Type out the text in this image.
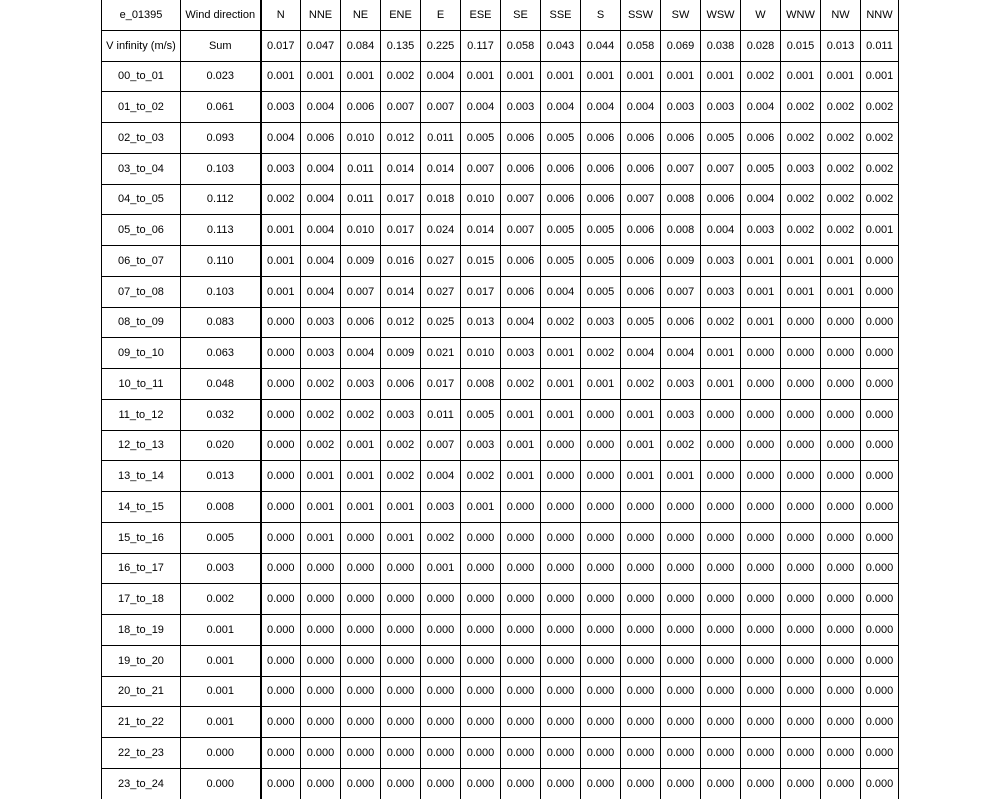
e_01395	Wind direction	N	NNE	NE	ENE	E	ESE	SE	SSE	S	SSW	SW	WSW	W	WNW	NW	NNW
V infinity (m/s)	Sum	0.017	0.047	0.084	0.135	0.225	0.117	0.058	0.043	0.044	0.058	0.069	0.038	0.028	0.015	0.013	0.011
00_to_01	0.023	0.001	0.001	0.001	0.002	0.004	0.001	0.001	0.001	0.001	0.001	0.001	0.001	0.002	0.001	0.001	0.001
01_to_02	0.061	0.003	0.004	0.006	0.007	0.007	0.004	0.003	0.004	0.004	0.004	0.003	0.003	0.004	0.002	0.002	0.002
02_to_03	0.093	0.004	0.006	0.010	0.012	0.011	0.005	0.006	0.005	0.006	0.006	0.006	0.005	0.006	0.002	0.002	0.002
03_to_04	0.103	0.003	0.004	0.011	0.014	0.014	0.007	0.006	0.006	0.006	0.006	0.007	0.007	0.005	0.003	0.002	0.002
04_to_05	0.112	0.002	0.004	0.011	0.017	0.018	0.010	0.007	0.006	0.006	0.007	0.008	0.006	0.004	0.002	0.002	0.002
05_to_06	0.113	0.001	0.004	0.010	0.017	0.024	0.014	0.007	0.005	0.005	0.006	0.008	0.004	0.003	0.002	0.002	0.001
06_to_07	0.110	0.001	0.004	0.009	0.016	0.027	0.015	0.006	0.005	0.005	0.006	0.009	0.003	0.001	0.001	0.001	0.000
07_to_08	0.103	0.001	0.004	0.007	0.014	0.027	0.017	0.006	0.004	0.005	0.006	0.007	0.003	0.001	0.001	0.001	0.000
08_to_09	0.083	0.000	0.003	0.006	0.012	0.025	0.013	0.004	0.002	0.003	0.005	0.006	0.002	0.001	0.000	0.000	0.000
09_to_10	0.063	0.000	0.003	0.004	0.009	0.021	0.010	0.003	0.001	0.002	0.004	0.004	0.001	0.000	0.000	0.000	0.000
10_to_11	0.048	0.000	0.002	0.003	0.006	0.017	0.008	0.002	0.001	0.001	0.002	0.003	0.001	0.000	0.000	0.000	0.000
11_to_12	0.032	0.000	0.002	0.002	0.003	0.011	0.005	0.001	0.001	0.000	0.001	0.003	0.000	0.000	0.000	0.000	0.000
12_to_13	0.020	0.000	0.002	0.001	0.002	0.007	0.003	0.001	0.000	0.000	0.001	0.002	0.000	0.000	0.000	0.000	0.000
13_to_14	0.013	0.000	0.001	0.001	0.002	0.004	0.002	0.001	0.000	0.000	0.001	0.001	0.000	0.000	0.000	0.000	0.000
14_to_15	0.008	0.000	0.001	0.001	0.001	0.003	0.001	0.000	0.000	0.000	0.000	0.000	0.000	0.000	0.000	0.000	0.000
15_to_16	0.005	0.000	0.001	0.000	0.001	0.002	0.000	0.000	0.000	0.000	0.000	0.000	0.000	0.000	0.000	0.000	0.000
16_to_17	0.003	0.000	0.000	0.000	0.000	0.001	0.000	0.000	0.000	0.000	0.000	0.000	0.000	0.000	0.000	0.000	0.000
17_to_18	0.002	0.000	0.000	0.000	0.000	0.000	0.000	0.000	0.000	0.000	0.000	0.000	0.000	0.000	0.000	0.000	0.000
18_to_19	0.001	0.000	0.000	0.000	0.000	0.000	0.000	0.000	0.000	0.000	0.000	0.000	0.000	0.000	0.000	0.000	0.000
19_to_20	0.001	0.000	0.000	0.000	0.000	0.000	0.000	0.000	0.000	0.000	0.000	0.000	0.000	0.000	0.000	0.000	0.000
20_to_21	0.001	0.000	0.000	0.000	0.000	0.000	0.000	0.000	0.000	0.000	0.000	0.000	0.000	0.000	0.000	0.000	0.000
21_to_22	0.001	0.000	0.000	0.000	0.000	0.000	0.000	0.000	0.000	0.000	0.000	0.000	0.000	0.000	0.000	0.000	0.000
22_to_23	0.000	0.000	0.000	0.000	0.000	0.000	0.000	0.000	0.000	0.000	0.000	0.000	0.000	0.000	0.000	0.000	0.000
23_to_24	0.000	0.000	0.000	0.000	0.000	0.000	0.000	0.000	0.000	0.000	0.000	0.000	0.000	0.000	0.000	0.000	0.000
